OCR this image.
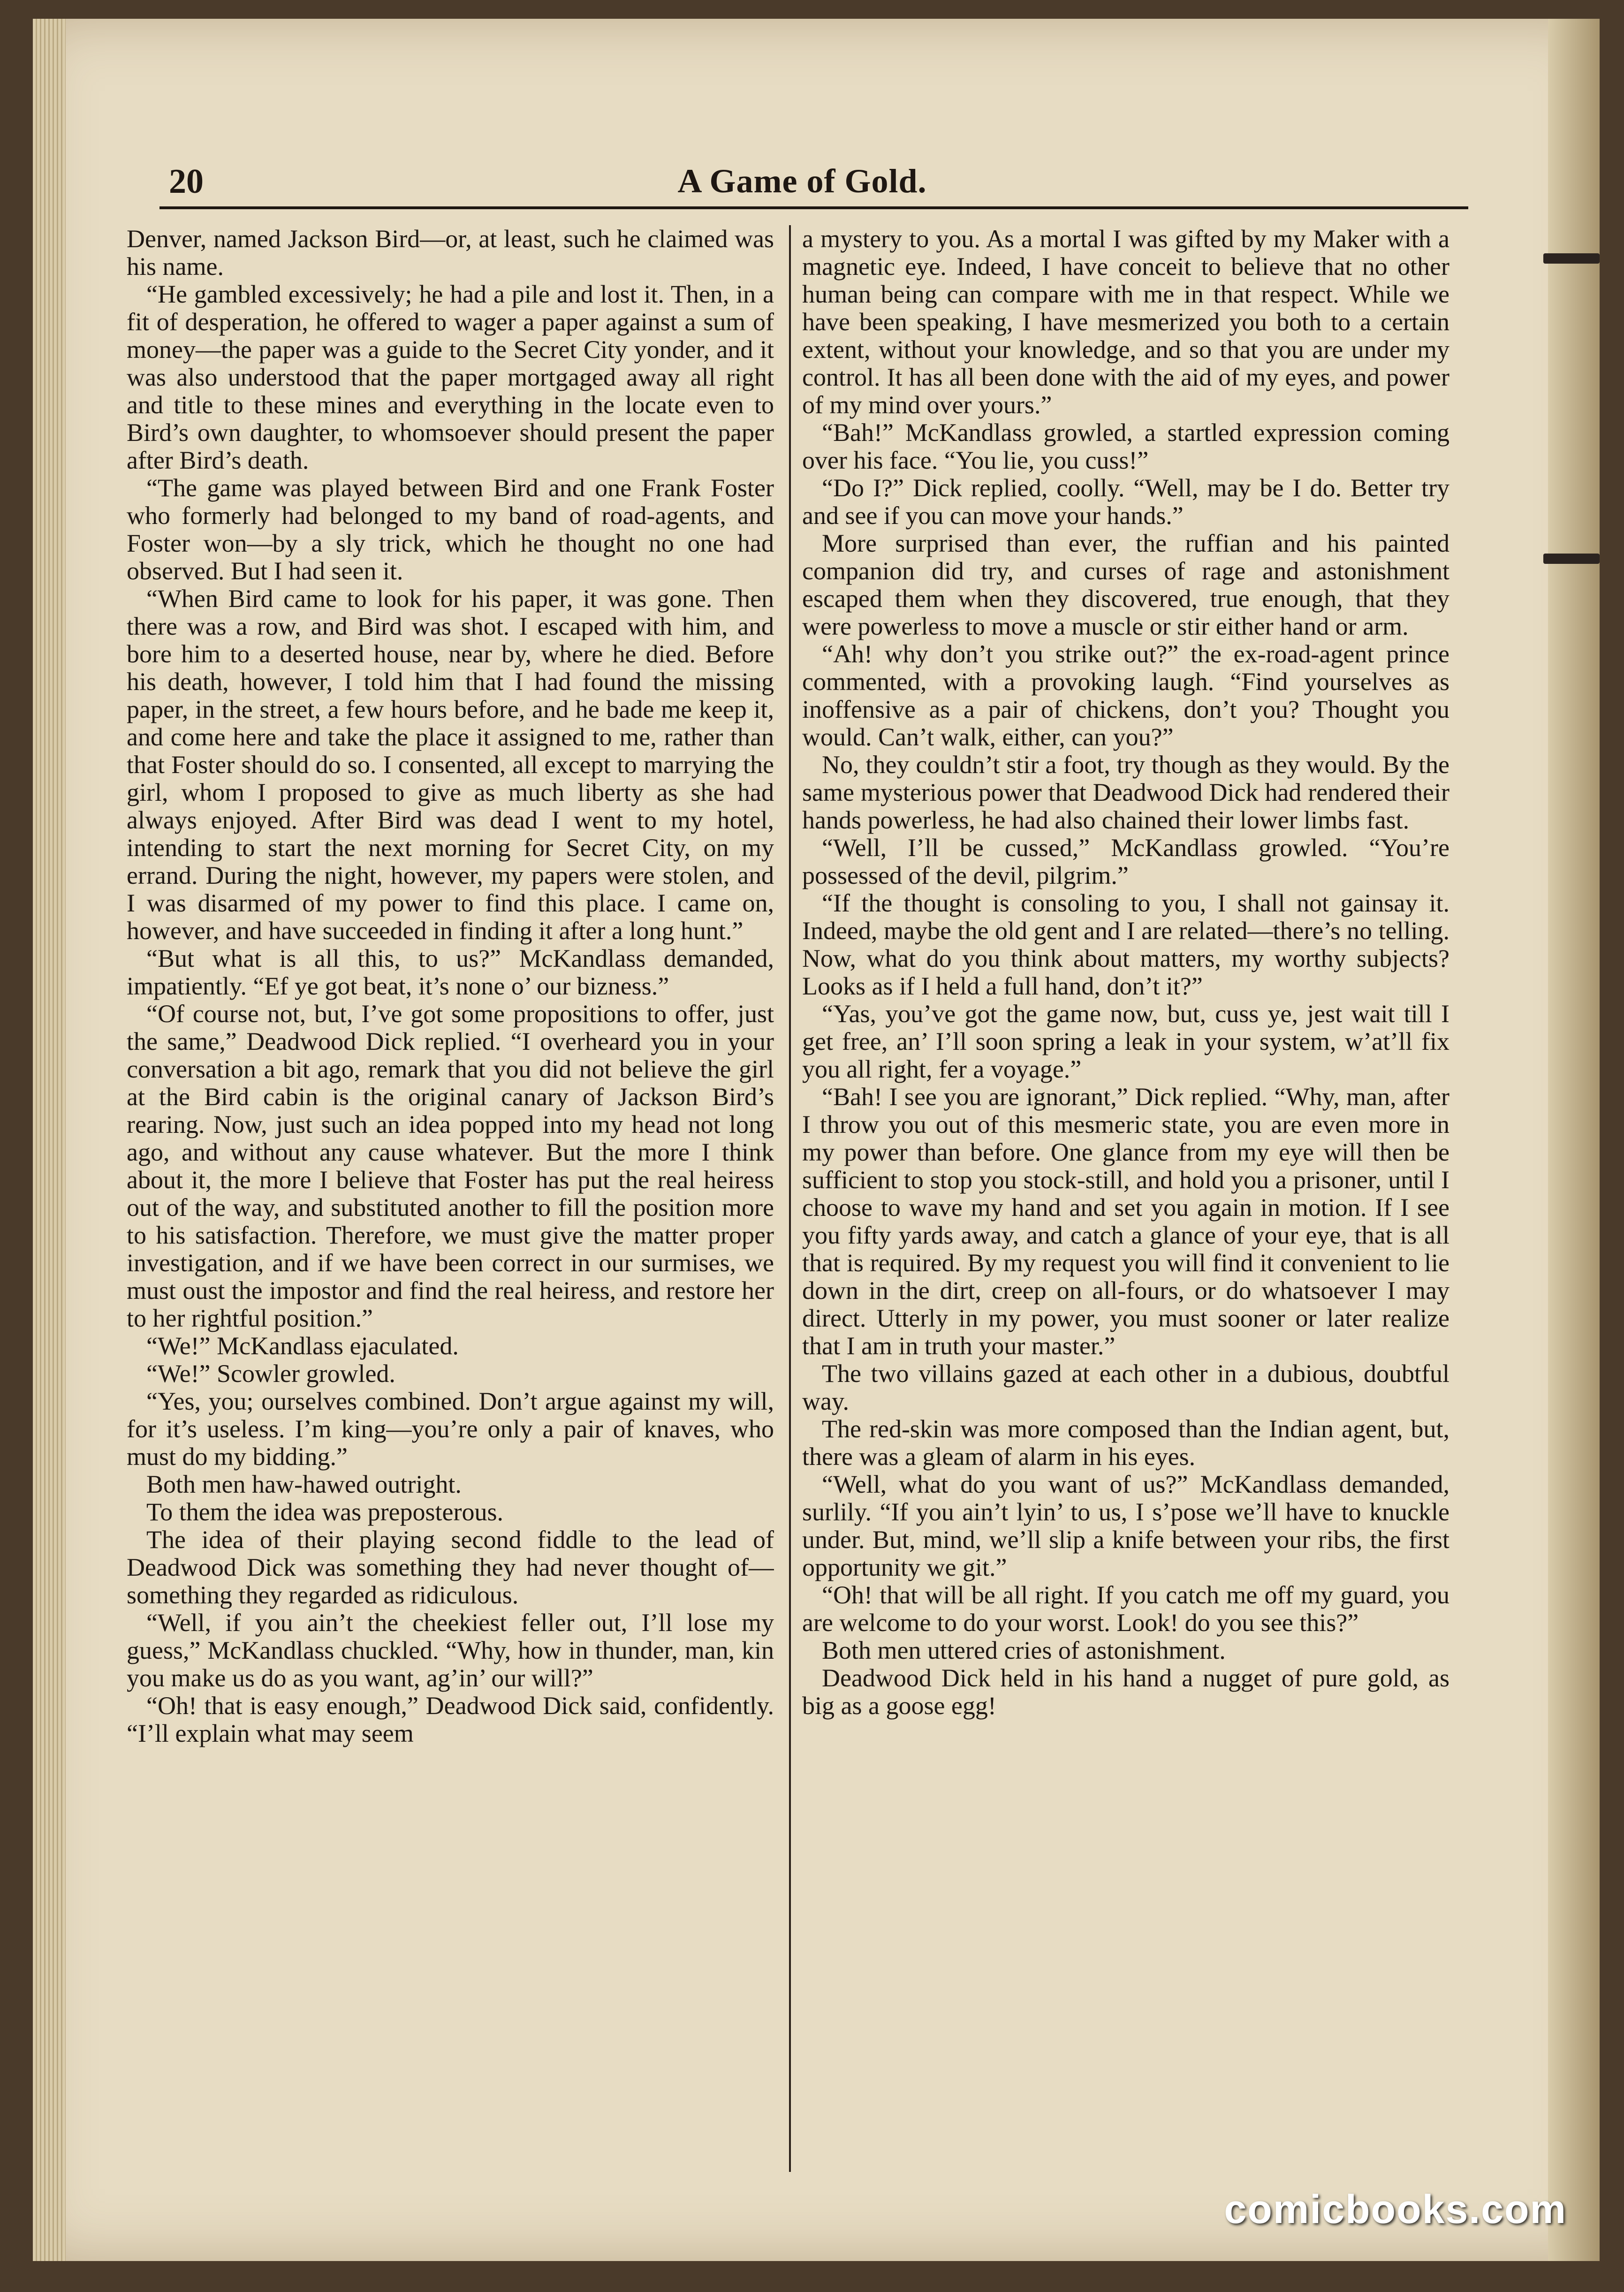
20	A Game of Gold.

Denver, named Jackson Bird—or, at least, such he claimed was his name.

“He gambled excessively; he had a pile and lost it. Then, in a fit of desperation, he offered to wager a paper against a sum of money—the paper was a guide to the Secret City yonder, and it was also understood that the paper mortgaged away all right and title to these mines and everything in the locate even to Bird’s own daughter, to whomsoever should present the paper after Bird’s death.

“The game was played between Bird and one Frank Foster who formerly had belonged to my band of road-agents, and Foster won—by a sly trick, which he thought no one had observed. But I had seen it.

“When Bird came to look for his paper, it was gone. Then there was a row, and Bird was shot. I escaped with him, and bore him to a deserted house, near by, where he died. Before his death, however, I told him that I had found the missing paper, in the street, a few hours before, and he bade me keep it, and come here and take the place it assigned to me, rather than that Foster should do so. I consented, all except to marrying the girl, whom I proposed to give as much liberty as she had always enjoyed. After Bird was dead I went to my hotel, intending to start the next morning for Secret City, on my errand. During the night, however, my papers were stolen, and I was disarmed of my power to find this place. I came on, however, and have succeeded in finding it after a long hunt.”

“But what is all this, to us?” McKandlass demanded, impatiently. “Ef ye got beat, it’s none o’ our bizness.”

“Of course not, but, I’ve got some propositions to offer, just the same,” Deadwood Dick replied. “I overheard you in your conversation a bit ago, remark that you did not believe the girl at the Bird cabin is the original canary of Jackson Bird’s rearing. Now, just such an idea popped into my head not long ago, and without any cause whatever. But the more I think about it, the more I believe that Foster has put the real heiress out of the way, and substituted another to fill the position more to his satisfaction. Therefore, we must give the matter proper investigation, and if we have been correct in our surmises, we must oust the impostor and find the real heiress, and restore her to her rightful position.”

“We!” McKandlass ejaculated.

“We!” Scowler growled.

“Yes, you; ourselves combined. Don’t argue against my will, for it’s useless. I’m king—you’re only a pair of knaves, who must do my bidding.”

Both men haw-hawed outright.

To them the idea was preposterous.

The idea of their playing second fiddle to the lead of Deadwood Dick was something they had never thought of—something they regarded as ridiculous.

“Well, if you ain’t the cheekiest feller out, I’ll lose my guess,” McKandlass chuckled. “Why, how in thunder, man, kin you make us do as you want, ag’in’ our will?”

“Oh! that is easy enough,” Deadwood Dick said, confidently. “I’ll explain what may seem

a mystery to you. As a mortal I was gifted by my Maker with a magnetic eye. Indeed, I have conceit to believe that no other human being can compare with me in that respect. While we have been speaking, I have mesmerized you both to a certain extent, without your knowledge, and so that you are under my control. It has all been done with the aid of my eyes, and power of my mind over yours.”

“Bah!” McKandlass growled, a startled expression coming over his face. “You lie, you cuss!”

“Do I?” Dick replied, coolly. “Well, may be I do. Better try and see if you can move your hands.”

More surprised than ever, the ruffian and his painted companion did try, and curses of rage and astonishment escaped them when they discovered, true enough, that they were powerless to move a muscle or stir either hand or arm.

“Ah! why don’t you strike out?” the ex-road-agent prince commented, with a provoking laugh. “Find yourselves as inoffensive as a pair of chickens, don’t you? Thought you would. Can’t walk, either, can you?”

No, they couldn’t stir a foot, try though as they would. By the same mysterious power that Deadwood Dick had rendered their hands powerless, he had also chained their lower limbs fast.

“Well, I’ll be cussed,” McKandlass growled. “You’re possessed of the devil, pilgrim.”

“If the thought is consoling to you, I shall not gainsay it. Indeed, maybe the old gent and I are related—there’s no telling. Now, what do you think about matters, my worthy subjects? Looks as if I held a full hand, don’t it?”

“Yas, you’ve got the game now, but, cuss ye, jest wait till I get free, an’ I’ll soon spring a leak in your system, w’at’ll fix you all right, fer a voyage.”

“Bah! I see you are ignorant,” Dick replied. “Why, man, after I throw you out of this mesmeric state, you are even more in my power than before. One glance from my eye will then be sufficient to stop you stock-still, and hold you a prisoner, until I choose to wave my hand and set you again in motion. If I see you fifty yards away, and catch a glance of your eye, that is all that is required. By my request you will find it convenient to lie down in the dirt, creep on all-fours, or do whatsoever I may direct. Utterly in my power, you must sooner or later realize that I am in truth your master.”

The two villains gazed at each other in a dubious, doubtful way.

The red-skin was more composed than the Indian agent, but, there was a gleam of alarm in his eyes.

“Well, what do you want of us?” McKandlass demanded, surlily. “If you ain’t lyin’ to us, I s’pose we’ll have to knuckle under. But, mind, we’ll slip a knife between your ribs, the first opportunity we git.”

“Oh! that will be all right. If you catch me off my guard, you are welcome to do your worst. Look! do you see this?”

Both men uttered cries of astonishment.

Deadwood Dick held in his hand a nugget of pure gold, as big as a goose egg!

comicbooks.com
